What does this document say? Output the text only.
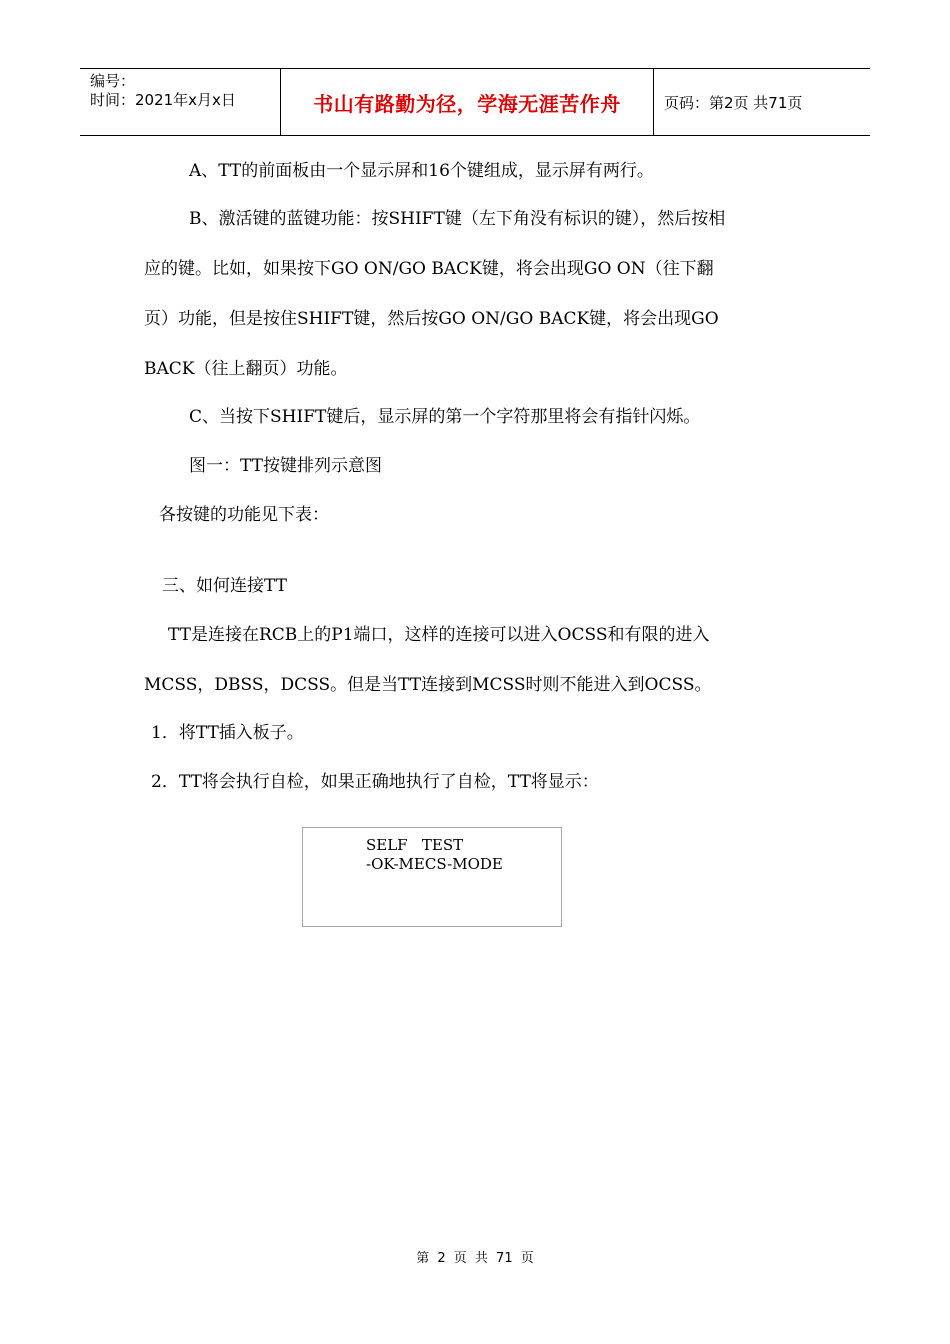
编号：
时间：2021年x月x日	书山有路勤为径，学海无涯苦作舟	页码：第2页 共71页
A、TT的前面板由一个显示屏和16个键组成，显示屏有两行。
B、激活键的蓝键功能：按SHIFT键（左下角没有标识的键），然后按相
应的键。比如，如果按下GO ON/GO BACK键，将会出现GO ON（往下翻
页）功能，但是按住SHIFT键，然后按GO ON/GO BACK键，将会出现GO
BACK（往上翻页）功能。
C、当按下SHIFT键后，显示屏的第一个字符那里将会有指针闪烁。
图一：TT按键排列示意图
各按键的功能见下表：
三、如何连接TT
TT是连接在RCB上的P1端口，这样的连接可以进入OCSS和有限的进入
MCSS，DBSS，DCSS。但是当TT连接到MCSS时则不能进入到OCSS。
1．将TT插入板子。
2．TT将会执行自检，如果正确地执行了自检，TT将显示：
SELF   TEST
-OK-MECS-MODE
第 2 页 共 71 页
